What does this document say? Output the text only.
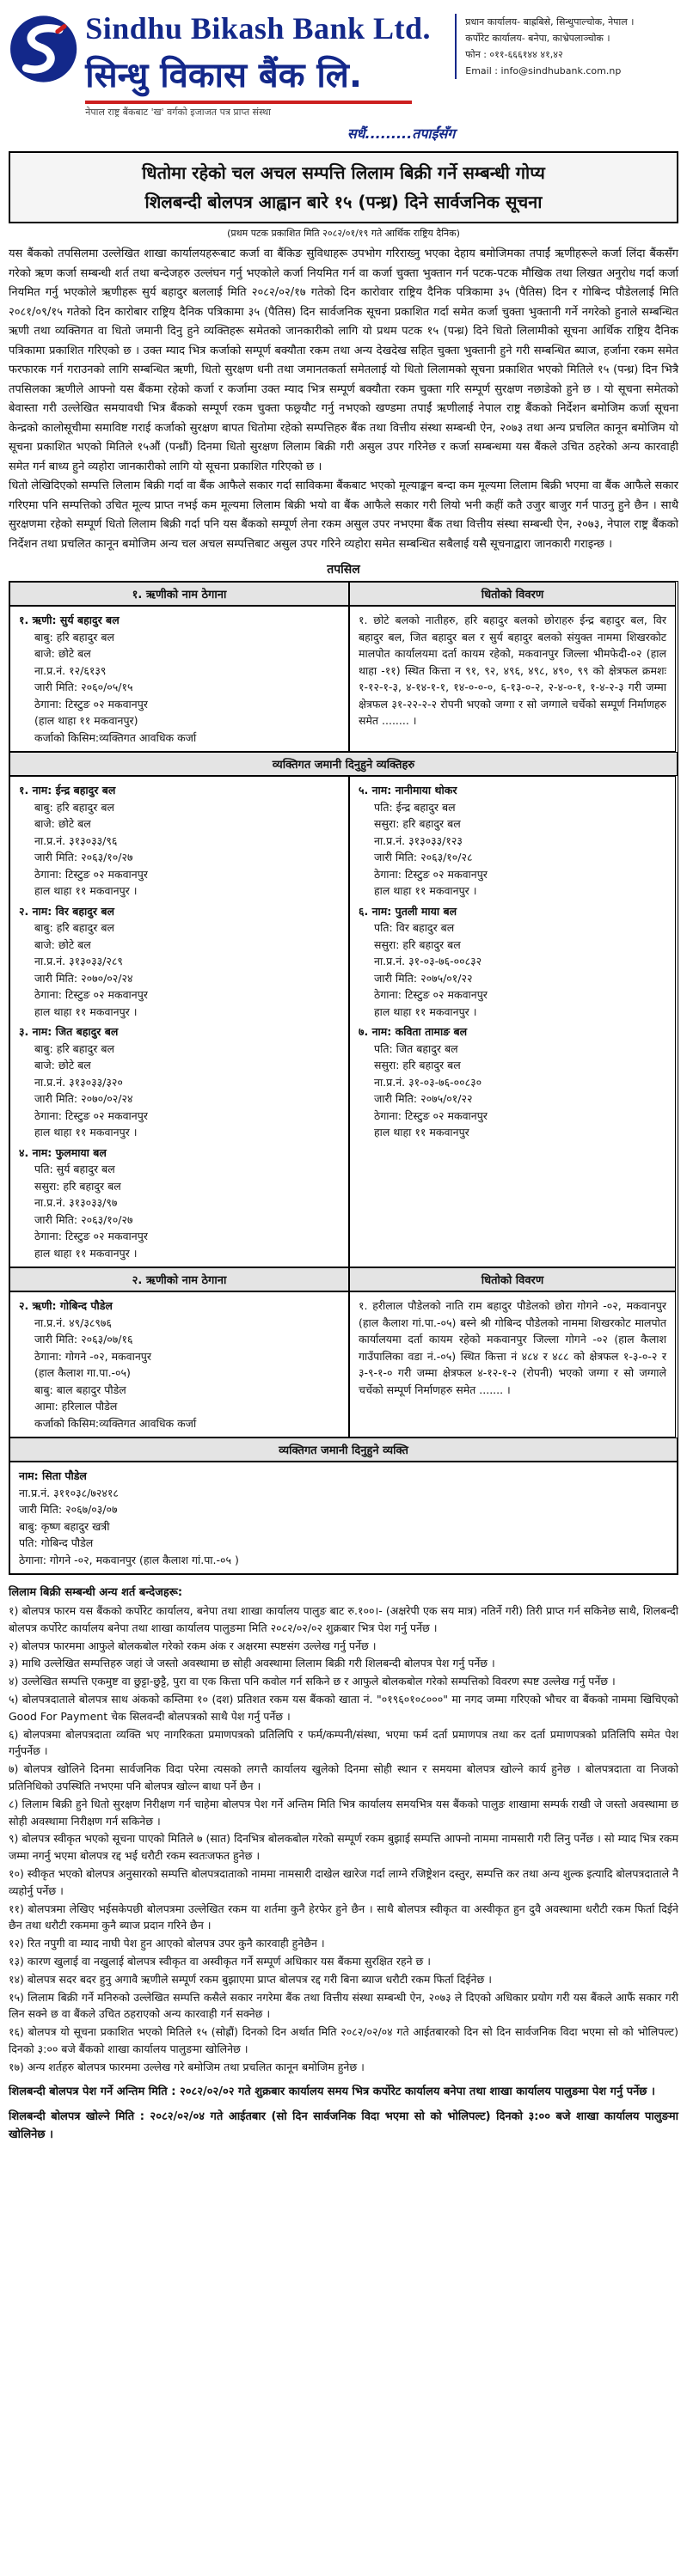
Sindhu Bikash Bank Ltd.
सिन्धु विकास बैंक लि.
नेपाल राष्ट्र बैंकबाट 'ख' वर्गको इजाजत पत्र प्राप्त संस्था
सधैं.........तपाईंसँग
प्रधान कार्यालय- बाह्रबिसे, सिन्धुपाल्चोक, नेपाल ।
कर्पोरेट कार्यालय- बनेपा, काभ्रेपलाञ्चोक ।
फोन : ०११-६६६१४४ ४१,४२
Email : info@sindhubank.com.np
धितोमा रहेको चल अचल सम्पत्ति लिलाम बिक्री गर्ने सम्बन्धी गोप्य
शिलबन्दी बोलपत्र आह्वान बारे १५ (पन्ध्र) दिने सार्वजनिक सूचना
(प्रथम पटक प्रकाशित मिति २०८२/०१/१९ गते आर्थिक राष्ट्रिय दैनिक)
यस बैंकको तपसिलमा उल्लेखित शाखा कार्यालयहरूबाट कर्जा वा बैंकिङ सुविधाहरू उपभोग गरिराख्नु भएका देहाय बमोजिमका तपाईं ऋणीहरूले कर्जा लिंदा बैंकसँग गरेको ऋण कर्जा सम्बन्धी शर्त तथा बन्देजहरु उल्लंघन गर्नु भएकोले कर्जा नियमित गर्न वा कर्जा चुक्ता भुक्तान गर्न पटक-पटक मौखिक तथा लिखत अनुरोध गर्दा कर्जा नियमित गर्नु भएकोले ऋणीहरू सुर्य बहादुर बललाई मिति २०८२/०२/१७ गतेको दिन कारोवार राष्ट्रिय दैनिक पत्रिकामा ३५ (पैतिस) दिन र गोबिन्द पौडेललाई मिति २०८१/०९/१५ गतेको दिन कारोबार राष्ट्रिय दैनिक पत्रिकामा ३५ (पैतिस) दिन सार्वजनिक सूचना प्रकाशित गर्दा समेत कर्जा चुक्ता भुक्तानी गर्ने नगरेको हुनाले सम्बन्धित ऋणी तथा व्यक्तिगत वा धितो जमानी दिनु हुने व्यक्तिहरू समेतको जानकारीको लागि यो प्रथम पटक १५ (पन्ध्र) दिने धितो लिलामीको सूचना आर्थिक राष्ट्रिय दैनिक पत्रिकामा प्रकाशित गरिएको छ । उक्त म्याद भित्र कर्जाको सम्पूर्ण बक्यौता रकम तथा अन्य देखदेख सहित चुक्ता भुक्तानी हुने गरी सम्बन्धित ब्याज, हर्जाना रकम समेत फरफारक गर्न गराउनको लागि सम्बन्धित ऋणी, धितो सुरक्षण धनी तथा जमानतकर्ता समेतलाई यो धितो लिलामको सूचना प्रकाशित भएको मितिले १५ (पन्ध्र) दिन भित्रै तपसिलका ऋणीले आफ्नो यस बैंकमा रहेको कर्जा र कर्जामा उक्त म्याद भित्र सम्पूर्ण बक्यौता रकम चुक्ता गरि सम्पूर्ण सुरक्षण नछाडेको हुने छ । यो सूचना समेतको बेवास्ता गरी उल्लेखित समयावधी भित्र बैंकको सम्पूर्ण रकम चुक्ता फछ्र्यौट गर्नु नभएको खण्डमा तपाईं ऋणीलाई नेपाल राष्ट्र बैंकको निर्देशन बमोजिम कर्जा सूचना केन्द्रको कालोसूचीमा समाविष्ट गराई कर्जाको सुरक्षण बापत धितोमा रहेको सम्पत्तिहरु बैंक तथा वित्तीय संस्था सम्बन्धी ऐन, २०७३ तथा अन्य प्रचलित कानून बमोजिम यो सूचना प्रकाशित भएको मितिले १५औं (पन्ध्रौं) दिनमा धितो सुरक्षण लिलाम बिक्री गरी असुल उपर गरिनेछ र कर्जा सम्बन्धमा यस बैंकले उचित ठहरेको अन्य कारवाही समेत गर्न बाध्य हुने व्यहोरा जानकारीको लागि यो सूचना प्रकाशित गरिएको छ ।
धितो लेखिदिएको सम्पत्ति लिलाम बिक्री गर्दा वा बैंक आफैले सकार गर्दा साविकमा बैंकबाट भएको मूल्याङ्कन बन्दा कम मूल्यमा लिलाम बिक्री भएमा वा बैंक आफैले सकार गरिएमा पनि सम्पत्तिको उचित मूल्य प्राप्त नभई कम मूल्यमा लिलाम बिक्री भयो वा बैंक आफैले सकार गरी लियो भनी कहीं कतै उजुर बाजुर गर्न पाउनु हुने छैन । साथै सुरक्षणमा रहेको सम्पूर्ण धितो लिलाम बिक्री गर्दा पनि यस बैंकको सम्पूर्ण लेना रकम असुल उपर नभएमा बैंक तथा वित्तीय संस्था सम्बन्धी ऐन, २०७३, नेपाल राष्ट्र बैंकको निर्देशन तथा प्रचलित कानून बमोजिम अन्य चल अचल सम्पत्तिबाट असुल उपर गरिने व्यहोरा समेत सम्बन्धित सबैलाई यसै सूचनाद्वारा जानकारी गराइन्छ ।
तपसिल
१. ऋणीको नाम ठेगाना	धितोको विवरण
१. ऋणी: सुर्य बहादुर बल
बाबु: हरि बहादुर बल
बाजे: छोटे बल
ना.प्र.नं. १२/६१३९
जारी मिति: २०६०/०५/१५
ठेगाना: टिस्टुङ ०२ मकवानपुर
(हाल थाहा ११ मकवानपुर)
कर्जाको किसिम:व्यक्तिगत आवधिक कर्जा
१. छोटे बलको नातीहरु, हरि बहादुर बलको छोराहरु ईन्द्र बहादुर बल, विर बहादुर बल, जित बहादुर बल र सुर्य बहादुर बलको संयुक्त नाममा शिखरकोट मालपोत कार्यालयमा दर्ता कायम रहेको, मकवानपुर जिल्ला भीमफेदी-०२ (हाल थाहा -११) स्थित कित्ता न ९१, ९२, ४९६, ४९८, ४९०, ९९ को क्षेत्रफल क्रमशः १-१२-१-३, ४-१४-१-१, १४-०-०-०, ६-१३-०-२, २-४-०-१, १-४-२-३ गरी जम्मा क्षेत्रफल ३१-२२-२-२ रोपनी भएको जग्गा र सो जग्गाले चर्चेको सम्पूर्ण निर्माणहरु समेत ........ ।
व्यक्तिगत जमानी दिनुहुने व्यक्तिहरु
१. नाम: ईन्द्र बहादुर बल
बाबु: हरि बहादुर बल
बाजे: छोटे बल
ना.प्र.नं. ३१३०३३/९६
जारी मिति: २०६३/१०/२७
ठेगाना: टिस्टुङ ०२ मकवानपुर
हाल थाहा ११ मकवानपुर ।
२. नाम: विर बहादुर बल
बाबु: हरि बहादुर बल
बाजे: छोटे बल
ना.प्र.नं. ३१३०३३/२८९
जारी मिति: २०७०/०२/२४
ठेगाना: टिस्टुङ ०२ मकवानपुर
हाल थाहा ११ मकवानपुर ।
३. नाम: जित बहादुर बल
बाबु: हरि बहादुर बल
बाजे: छोटे बल
ना.प्र.नं. ३१३०३३/३२०
जारी मिति: २०७०/०२/२४
ठेगाना: टिस्टुङ ०२ मकवानपुर
हाल थाहा ११ मकवानपुर ।
४. नाम: फुलमाया बल
पति: सुर्य बहादुर बल
ससुरा: हरि बहादुर बल
ना.प्र.नं. ३१३०३३/९७
जारी मिति: २०६३/१०/२७
ठेगाना: टिस्टुङ ०२ मकवानपुर
हाल थाहा ११ मकवानपुर ।
५. नाम: नानीमाया थोकर
पति: ईन्द्र बहादुर बल
ससुरा: हरि बहादुर बल
ना.प्र.नं. ३१३०३३/१२३
जारी मिति: २०६३/१०/२८
ठेगाना: टिस्टुङ ०२ मकवानपुर
हाल थाहा ११ मकवानपुर ।
६. नाम: पुतली माया बल
पति: विर बहादुर बल
ससुरा: हरि बहादुर बल
ना.प्र.नं. ३१-०३-७६-००८३२
जारी मिति: २०७५/०१/२२
ठेगाना: टिस्टुङ ०२ मकवानपुर
हाल थाहा ११ मकवानपुर ।
७. नाम: कविता तामाङ बल
पति: जित बहादुर बल
ससुरा: हरि बहादुर बल
ना.प्र.नं. ३१-०३-७६-००८३०
जारी मिति: २०७५/०१/२२
ठेगाना: टिस्टुङ ०२ मकवानपुर
हाल थाहा ११ मकवानपुर
२. ऋणीको नाम ठेगाना	धितोको विवरण
२. ऋणी: गोबिन्द पौडेल
ना.प्र.नं. ४९/३८९७६
जारी मिति: २०६३/०७/१६
ठेगाना: गोगने -०२, मकवानपुर
(हाल कैलाश गा.पा.-०५)
बाबु: बाल बहादुर पौडेल
आमा: हरिलाल पौडेल
कर्जाको किसिम:व्यक्तिगत आवधिक कर्जा
१. हरीलाल पौडेलको नाति राम बहादुर पौडेलको छोरा गोगने -०२, मकवानपुर (हाल कैलाश गां.पा.-०५) बस्ने श्री गोबिन्द पौडेलको नाममा शिखरकोट मालपोत कार्यालयमा दर्ता कायम रहेको मकवानपुर जिल्ला गोगने -०२ (हाल कैलाश गाउँपालिका वडा नं.-०५) स्थित कित्ता नं ४८४ र ४८८ को क्षेत्रफल १-३-०-२ र ३-९-१-० गरी जम्मा क्षेत्रफल ४-१२-१-२ (रोपनी) भएको जग्गा र सो जग्गाले चर्चेको सम्पूर्ण निर्माणहरु समेत ....... ।
व्यक्तिगत जमानी दिनुहुने व्यक्ति
नाम: सिता पौडेल
ना.प्र.नं. ३११०३८/७२४१८
जारी मिति: २०६७/०३/०७
बाबु: कृष्ण बहादुर खत्री
पति: गोबिन्द पौडेल
ठेगाना: गोगने -०२, मकवानपुर (हाल कैलाश गां.पा.-०५ )
लिलाम बिक्री सम्बन्धी अन्य शर्त बन्देजहरू:

१) बोलपत्र फारम यस बैंकको कर्पोरेट कार्यालय, बनेपा तथा शाखा कार्यालय पालुङ बाट रु.१००।- (अक्षरेपी एक सय मात्र) नतिर्ने गरी) तिरी प्राप्त गर्न सकिनेछ साथै, शिलबन्दी बोलपत्र कर्पोरेट कार्यालय बनेपा तथा शाखा कार्यालय पालुङमा मिति २०८२/०२/०२ शुक्रबार भित्र पेश गर्नु पर्नेछ ।

२) बोलपत्र फारममा आफुले बोलकबोल गरेको रकम अंक र अक्षरमा स्पष्टसंग उल्लेख गर्नु पर्नेछ ।

३) माथि उल्लेखित सम्पत्तिहरु जहां जे जस्तो अवस्थामा छ सोही अवस्थामा लिलाम बिक्री गरी शिलबन्दी बोलपत्र पेश गर्नु पर्नेछ ।

४) उल्लेखित सम्पत्ति एकमुष्ट वा छुट्टा-छुट्टै, पुरा वा एक कित्ता पनि कवोल गर्न सकिने छ र आफुले बोलकबोल गरेको सम्पत्तिको विवरण स्पष्ट उल्लेख गर्नु पर्नेछ ।

५) बोलपत्रदाताले बोलपत्र साथ अंकको कम्तिमा १० (दश) प्रतिशत रकम यस बैंकको खाता नं. "०१९६०१०८०००" मा नगद जम्मा गरिएको भौचर वा बैंकको नाममा खिचिएको Good For Payment चेक सिलवन्दी बोलपत्रको साथै पेश गर्नु पर्नेछ ।

६) बोलपत्रमा बोलपत्रदाता व्यक्ति भए नागरिकता प्रमाणपत्रको प्रतिलिपि र फर्म/कम्पनी/संस्था, भएमा फर्म दर्ता प्रमाणपत्र तथा कर दर्ता प्रमाणपत्रको प्रतिलिपि समेत पेश गर्नुपर्नेछ ।

७) बोलपत्र खोलिने दिनमा सार्वजनिक विदा परेमा त्यसको लगत्तै कार्यालय खुलेको दिनमा सोही स्थान र समयमा बोलपत्र खोल्ने कार्य हुनेछ । बोलपत्रदाता वा निजको प्रतिनिधिको उपस्थिति नभएमा पनि बोलपत्र खोल्न बाधा पर्ने छैन ।

८) लिलाम बिक्री हुने धितो सुरक्षण निरीक्षण गर्न चाहेमा बोलपत्र पेश गर्ने अन्तिम मिति भित्र कार्यालय समयभित्र यस बैंकको पालुङ शाखामा सम्पर्क राखी जे जस्तो अवस्थामा छ सोही अवस्थामा निरीक्षण गर्न सकिनेछ ।

९) बोलपत्र स्वीकृत भएको सूचना पाएको मितिले ७ (सात) दिनभित्र बोलकबोल गरेको सम्पूर्ण रकम बुझाई सम्पत्ति आफ्नो नाममा नामसारी गरी लिनु पर्नेछ । सो म्याद भित्र रकम जम्मा नगर्नु भएमा बोलपत्र रद्द भई धरौटी रकम स्वतःजफत हुनेछ ।

१०) स्वीकृत भएको बोलपत्र अनुसारको सम्पत्ति बोलपत्रदाताको नाममा नामसारी दाखेल खारेज गर्दा लाग्ने रजिष्ट्रेशन दस्तुर, सम्पत्ति कर तथा अन्य शुल्क इत्यादि बोलपत्रदाताले नै व्यहोर्नु पर्नेछ ।

११) बोलपत्रमा लेखिए भईसकेपछी बोलपत्रमा उल्लेखित रकम या शर्तमा कुनै हेरफेर हुने छैन । साथै बोलपत्र स्वीकृत वा अस्वीकृत हुन दुवै अवस्थामा धरौटी रकम फिर्ता दिईने छैन तथा धरौटी रकममा कुनै ब्याज प्रदान गरिने छैन ।

१२) रित नपुगी वा म्याद नाघी पेश हुन आएको बोलपत्र उपर कुनै कारवाही हुनेछैन ।

१३) कारण खुलाई वा नखुलाई बोलपत्र स्वीकृत वा अस्वीकृत गर्ने सम्पूर्ण अधिकार यस बैंकमा सुरक्षित रहने छ ।

१४) बोलपत्र सदर बदर हुनु अगावै ऋणीले सम्पूर्ण रकम बुझाएमा प्राप्त बोलपत्र रद्द गरी बिना ब्याज धरौटी रकम फिर्ता दिईनेछ ।

१५) लिलाम बिक्री गर्ने मनिरुको उल्लेखित सम्पत्ति कसैले सकार नगरेमा बैंक तथा वित्तीय संस्था सम्बन्धी ऐन, २०७३ ले दिएको अधिकार प्रयोग गरी यस बैंकले आफैं सकार गरी लिन सक्ने छ वा बैंकले उचित ठहराएको अन्य कारवाही गर्न सक्नेछ ।

१६) बोलपत्र यो सूचना प्रकाशित भएको मितिले १५ (सोह्रौं) दिनको दिन अर्थात मिति २०८२/०२/०४ गते आईतबारको दिन सो दिन सार्वजनिक विदा भएमा सो को भोलिपल्ट) दिनको ३:०० बजे बैंकको शाखा कार्यालय पालुङमा खोलिनेछ ।

१७) अन्य शर्तहरु बोलपत्र फारममा उल्लेख गरे बमोजिम तथा प्रचलित कानून बमोजिम हुनेछ ।

शिलबन्दी बोलपत्र पेश गर्ने अन्तिम मिति : २०८२/०२/०२ गते शुक्रबार कार्यालय समय भित्र कर्पोरेट कार्यालय बनेपा तथा शाखा कार्यालय पालुङमा पेश गर्नु पर्नेछ ।
शिलबन्दी बोलपत्र खोल्ने मिति : २०८२/०२/०४ गते आईतबार (सो दिन सार्वजनिक विदा भएमा सो को भोलिपल्ट) दिनको ३:०० बजे शाखा कार्यालय पालुङमा खोलिनेछ ।
